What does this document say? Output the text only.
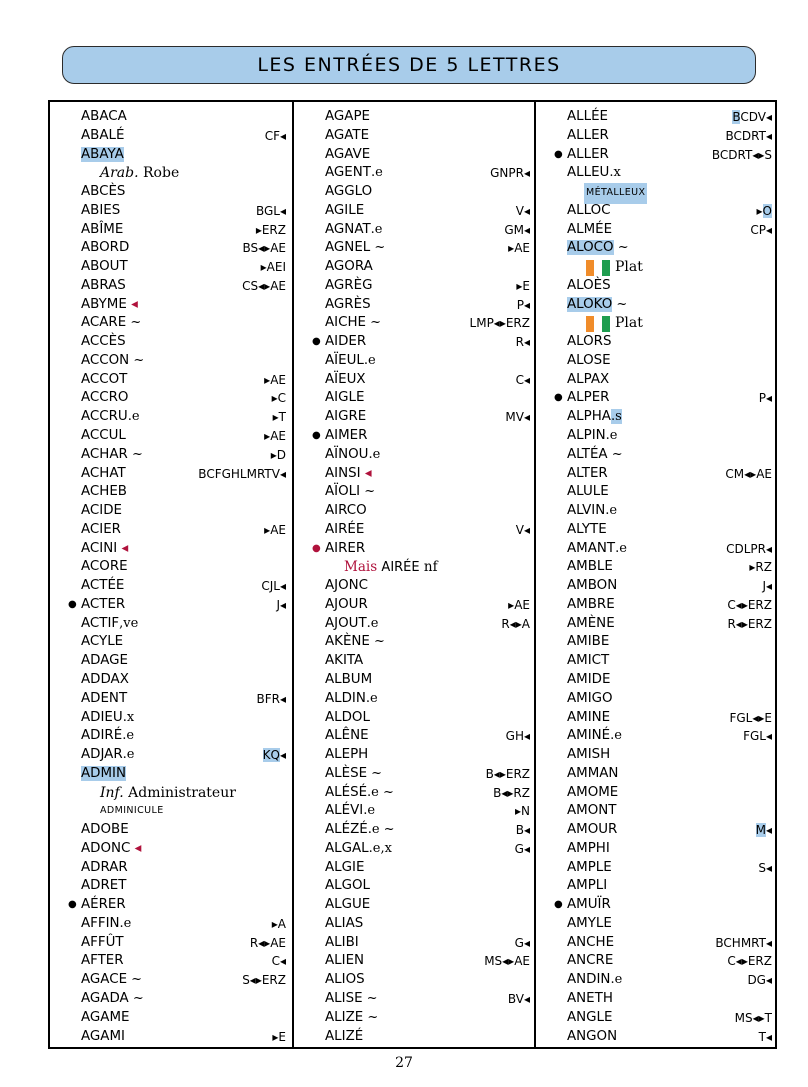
LES ENTRÉES DE 5 LETTRES
ABACA
ABALÉ	CF◂
ABAYA
Arab. Robe
ABCÈS
ABIES	BGL◂
ABÎME	▸ERZ
ABORD	BS◂▸AE
ABOUT	▸AEI
ABRAS	CS◂▸AE
ABYME ◂
ACARE ~
ACCÈS
ACCON ~
ACCOT	▸AE
ACCRO	▸C
ACCRU.e	▸T
ACCUL	▸AE
ACHAR ~	▸D
ACHAT	BCFGHLMRTV◂
ACHEB
ACIDE
ACIER	▸AE
ACINI ◂
ACORE
ACTÉE	CJL◂
● ACTER	J◂
ACTIF,ve
ACYLE
ADAGE
ADDAX
ADENT	BFR◂
ADIEU.x
ADIRÉ.e
ADJAR.e	KQ◂
ADMIN
Inf. Administrateur
ADMINICULE
ADOBE
ADONC ◂
ADRAR
ADRET
● AÉRER
AFFIN.e	▸A
AFFÛT	R◂▸AE
AFTER	C◂
AGACE ~	S◂▸ERZ
AGADA ~
AGAME
AGAMI	▸E
AGAPE
AGATE
AGAVE
AGENT.e	GNPR◂
AGGLO
AGILE	V◂
AGNAT.e	GM◂
AGNEL ~	▸AE
AGORA
AGRÈG	▸E
AGRÈS	P◂
AICHE ~	LMP◂▸ERZ
● AIDER	R◂
AÏEUL.e
AÏEUX	C◂
AIGLE
AIGRE	MV◂
● AIMER
AÏNOU.e
AINSI ◂
AÏOLI ~
AIRCO
AIRÉE	V◂
● AIRER
Mais AIRÉE nf
AJONC
AJOUR	▸AE
AJOUT.e	R◂▸A
AKÈNE ~
AKITA
ALBUM
ALDIN.e
ALDOL
ALÊNE	GH◂
ALEPH
ALÈSE ~	B◂▸ERZ
ALÉSÉ.e ~	B◂▸RZ
ALÉVI.e	▸N
ALÉZÉ.e ~	B◂
ALGAL.e,x	G◂
ALGIE
ALGOL
ALGUE
ALIAS
ALIBI	G◂
ALIEN	MS◂▸AE
ALIOS
ALISE ~	BV◂
ALIZE ~
ALIZÉ
ALLÉE	BCDV◂
ALLER	BCDRT◂
● ALLER	BCDRT◂▸S
ALLEU.x
MÉTALLEUX
ALLOC	▸O
ALMÉE	CP◂
ALOCO ~
Plat
ALOÈS
ALOKO ~
Plat
ALORS
ALOSE
ALPAX
● ALPER	P◂
ALPHA.s
ALPIN.e
ALTÉA ~
ALTER	CM◂▸AE
ALULE
ALVIN.e
ALYTE
AMANT.e	CDLPR◂
AMBLE	▸RZ
AMBON	J◂
AMBRE	C◂▸ERZ
AMÈNE	R◂▸ERZ
AMIBE
AMICT
AMIDE
AMIGO
AMINE	FGL◂▸E
AMINÉ.e	FGL◂
AMISH
AMMAN
AMOME
AMONT
AMOUR	M◂
AMPHI
AMPLE	S◂
AMPLI
● AMUÏR
AMYLE
ANCHE	BCHMRT◂
ANCRE	C◂▸ERZ
ANDIN.e	DG◂
ANETH
ANGLE	MS◂▸T
ANGON	T◂
27
